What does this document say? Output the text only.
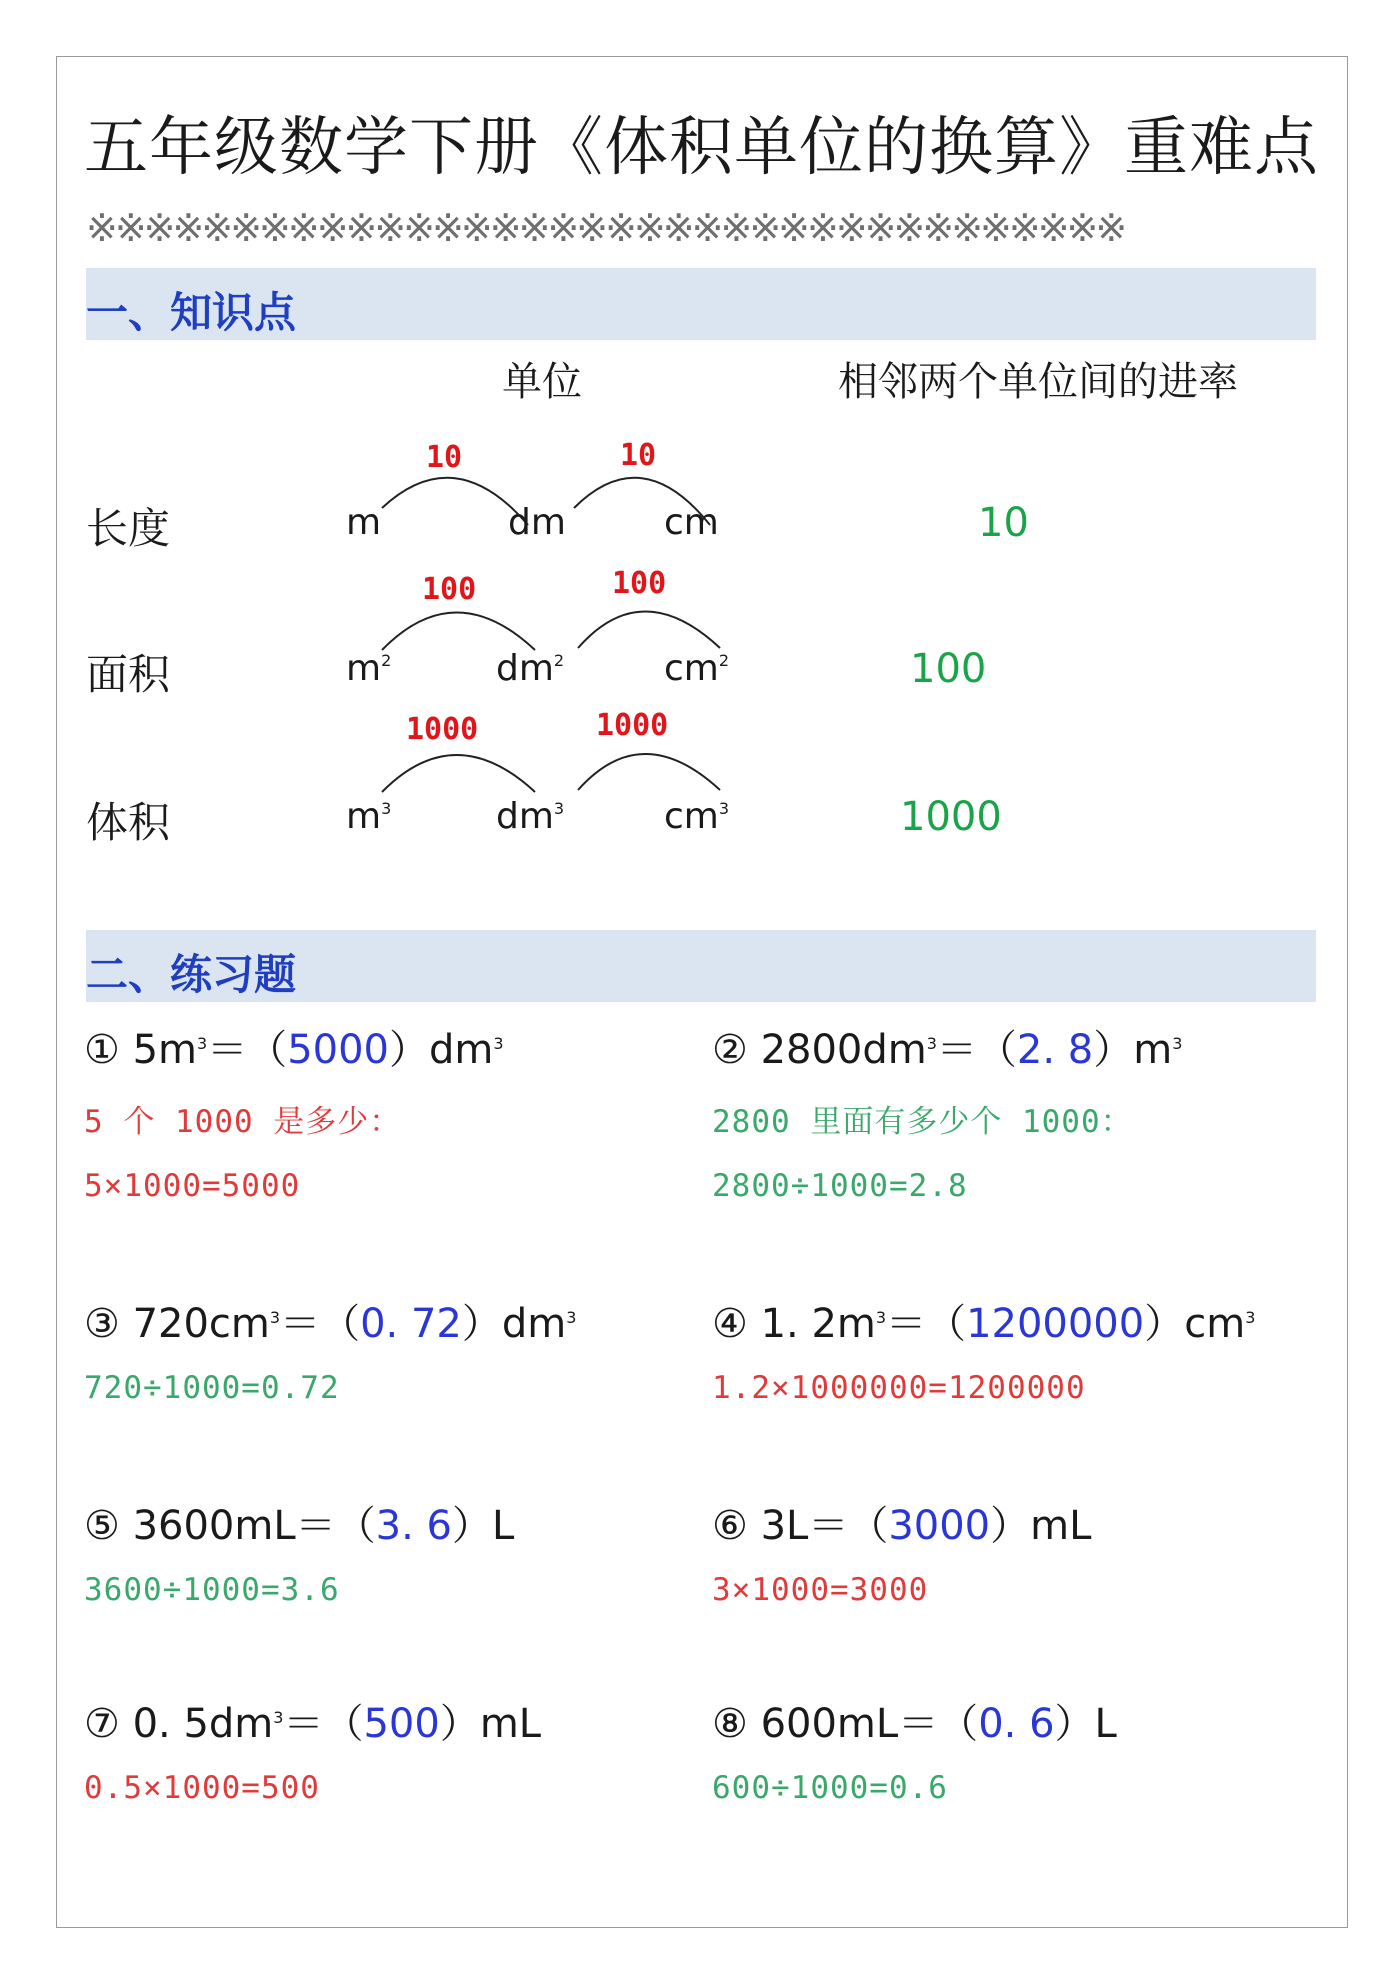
五年级数学下册《体积单位的换算》重难点
※※※※※※※※※※※※※※※※※※※※※※※※※※※※※※※※※※※※
一、知识点
单位	相邻两个单位间的进率
长度
10	10
m	dm	cm	10
面积
100	100
$m^2$	$dm^2$	$cm^2$	100
体积
1000	1000
$m^3$	$dm^3$	$cm^3$	1000
二、练习题
① $5m^3=(5000)dm^3$
5 个 1000 是多少：
5×1000=5000
② $2800dm^3=(2$. $8)m^3$
2800 里面有多少个 1000：
2800÷1000=2.8
③ $720cm^3=(0$. $72)dm^3$
720÷1000=0.72
④ 1. $2m^3=(1200000)cm^3$
1.2×1000000=1200000
⑤ 3600mL＝（3. 6）L
3600÷1000=3.6
⑥ 3L＝（3000）mL
3×1000=3000
⑦ 0. $5dm^3=(500)mL$
0.5×1000=500
⑧ 600mL＝（0. 6）L
600÷1000=0.6
